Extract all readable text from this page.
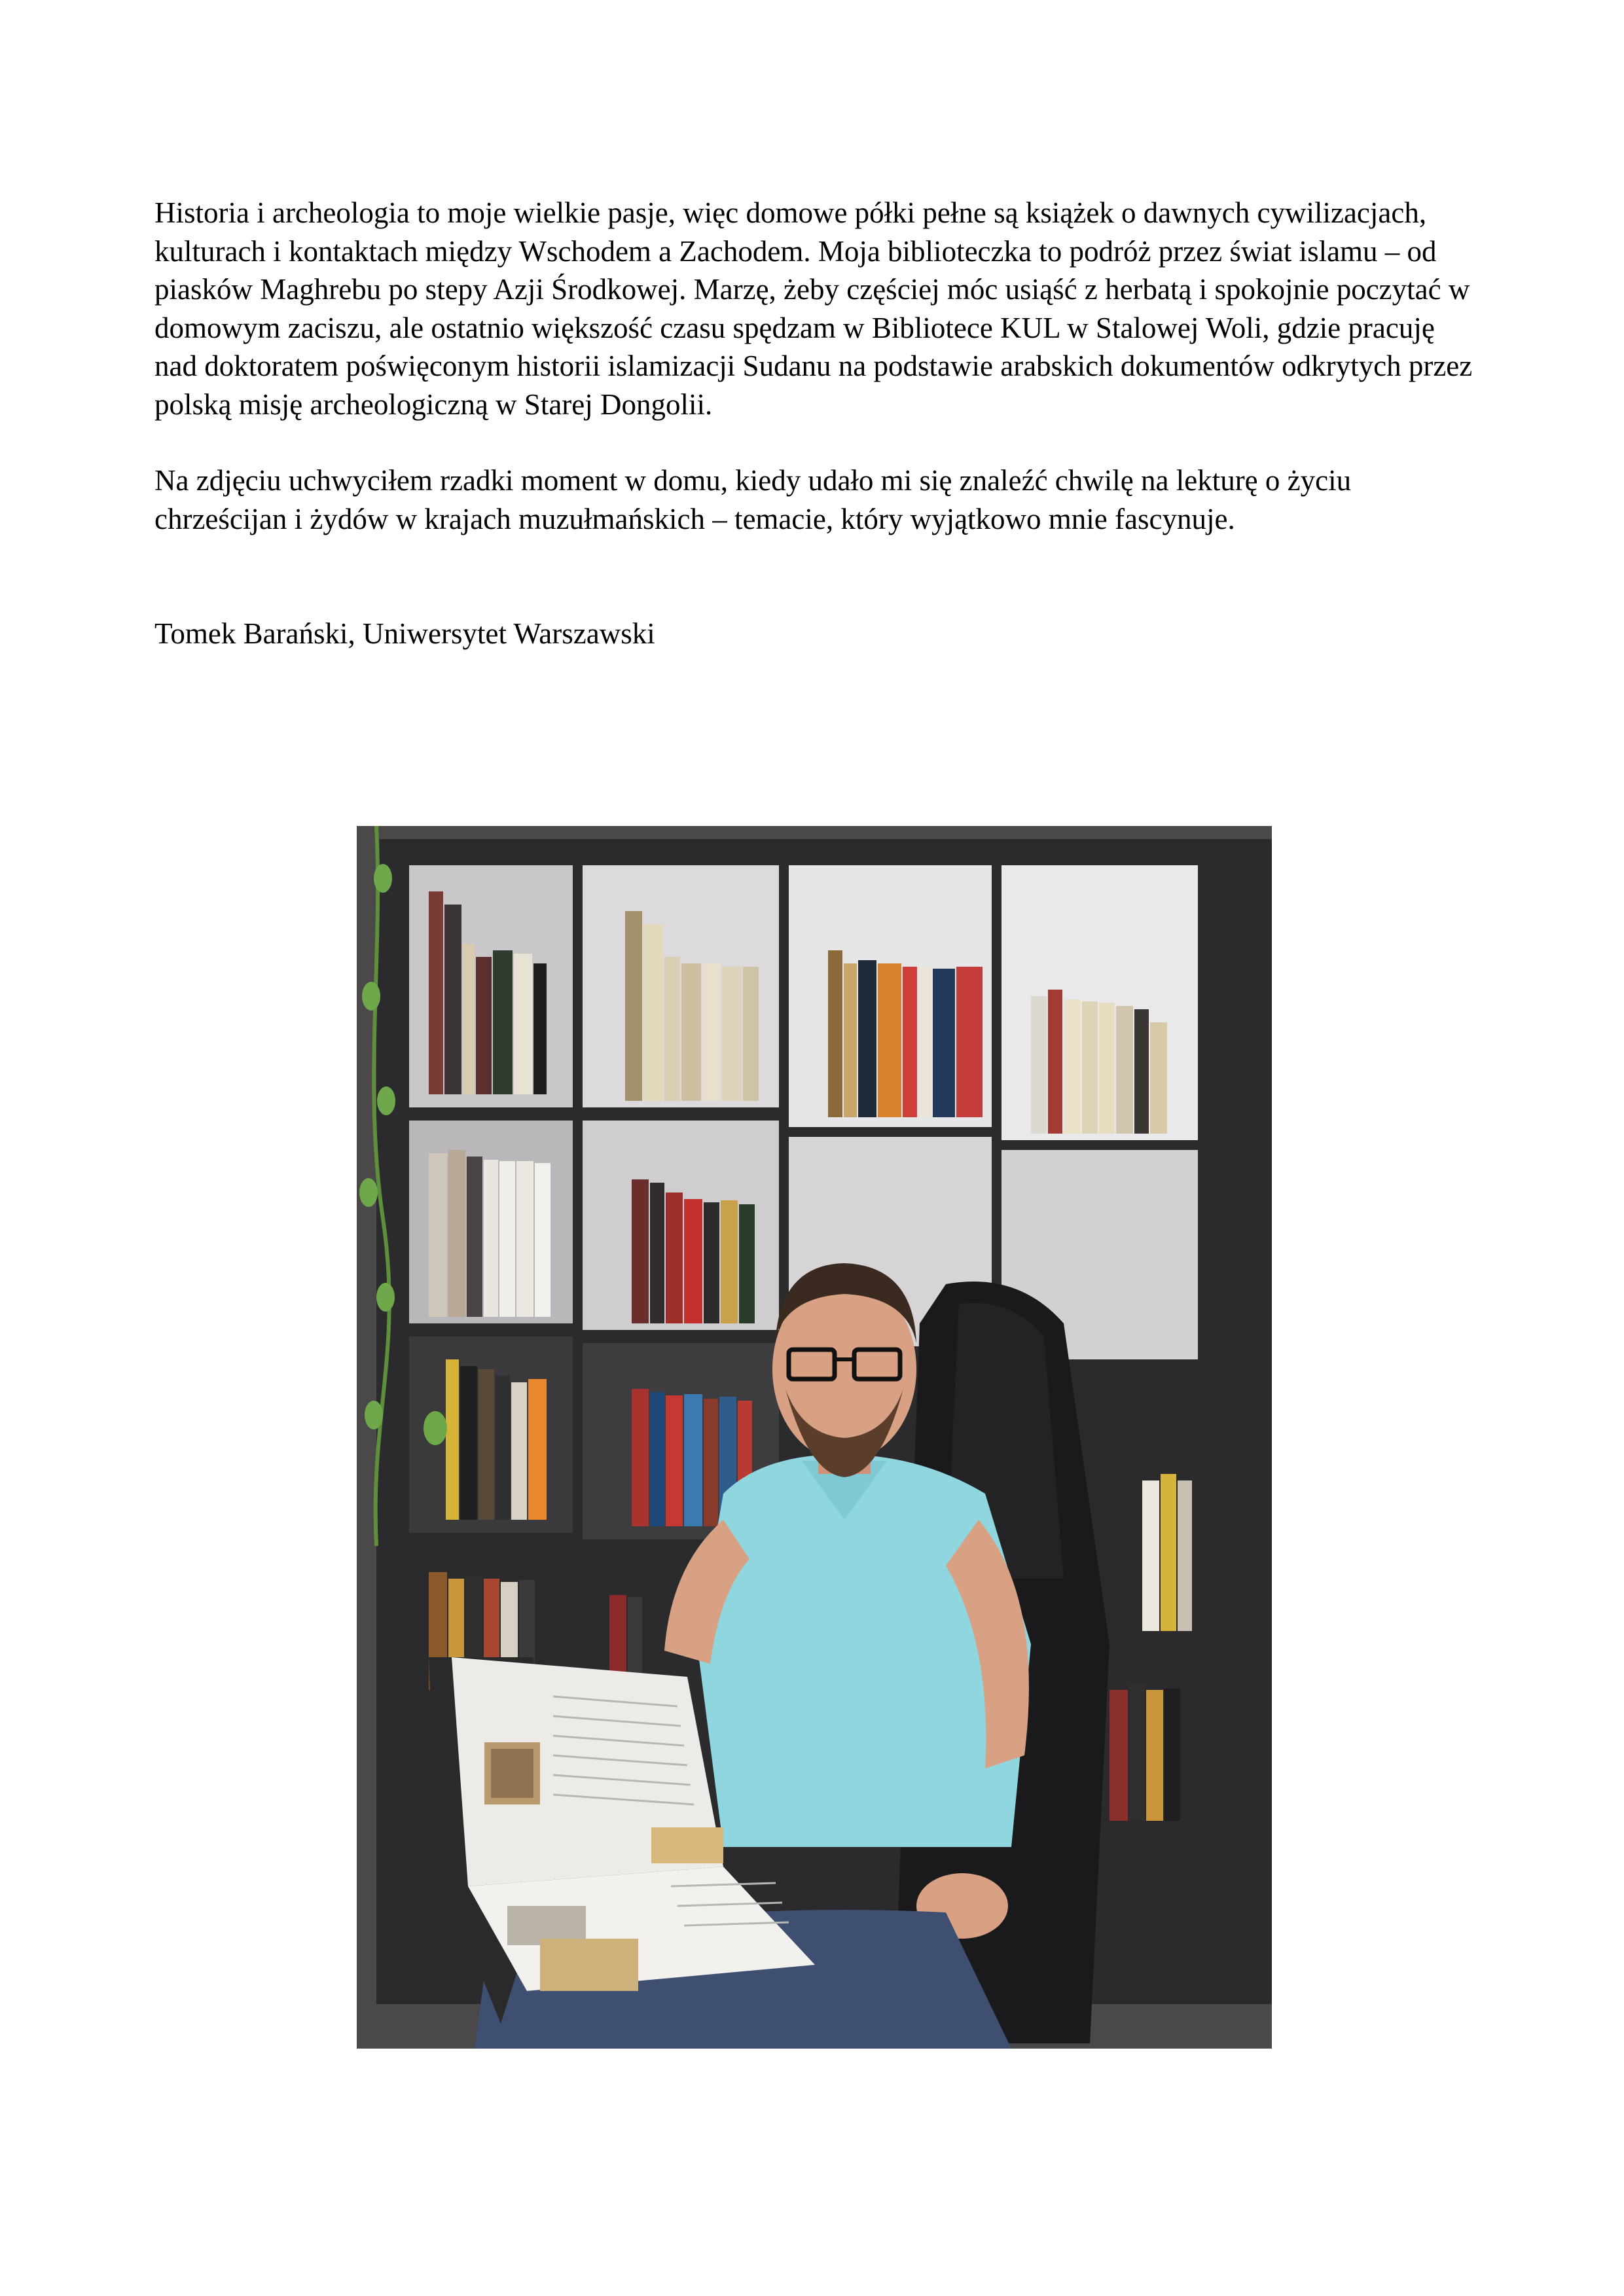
Historia i archeologia to moje wielkie pasje, więc domowe półki pełne są książek o dawnych cywilizacjach, kulturach i kontaktach między Wschodem a Zachodem. Moja biblioteczka to podróż przez świat islamu – od piasków Maghrebu po stepy Azji Środkowej. Marzę, żeby częściej móc usiąść z herbatą i spokojnie poczytać w domowym zaciszu, ale ostatnio większość czasu spędzam w Bibliotece KUL w Stalowej Woli, gdzie pracuję nad doktoratem poświęconym historii islamizacji Sudanu na podstawie arabskich dokumentów odkrytych przez polską misję archeologiczną w Starej Dongolii.

Na zdjęciu uchwyciłem rzadki moment w domu, kiedy udało mi się znaleźć chwilę na lekturę o życiu chrześcijan i żydów w krajach muzułmańskich – temacie, który wyjątkowo mnie fascynuje.

Tomek Barański, Uniwersytet Warszawski
